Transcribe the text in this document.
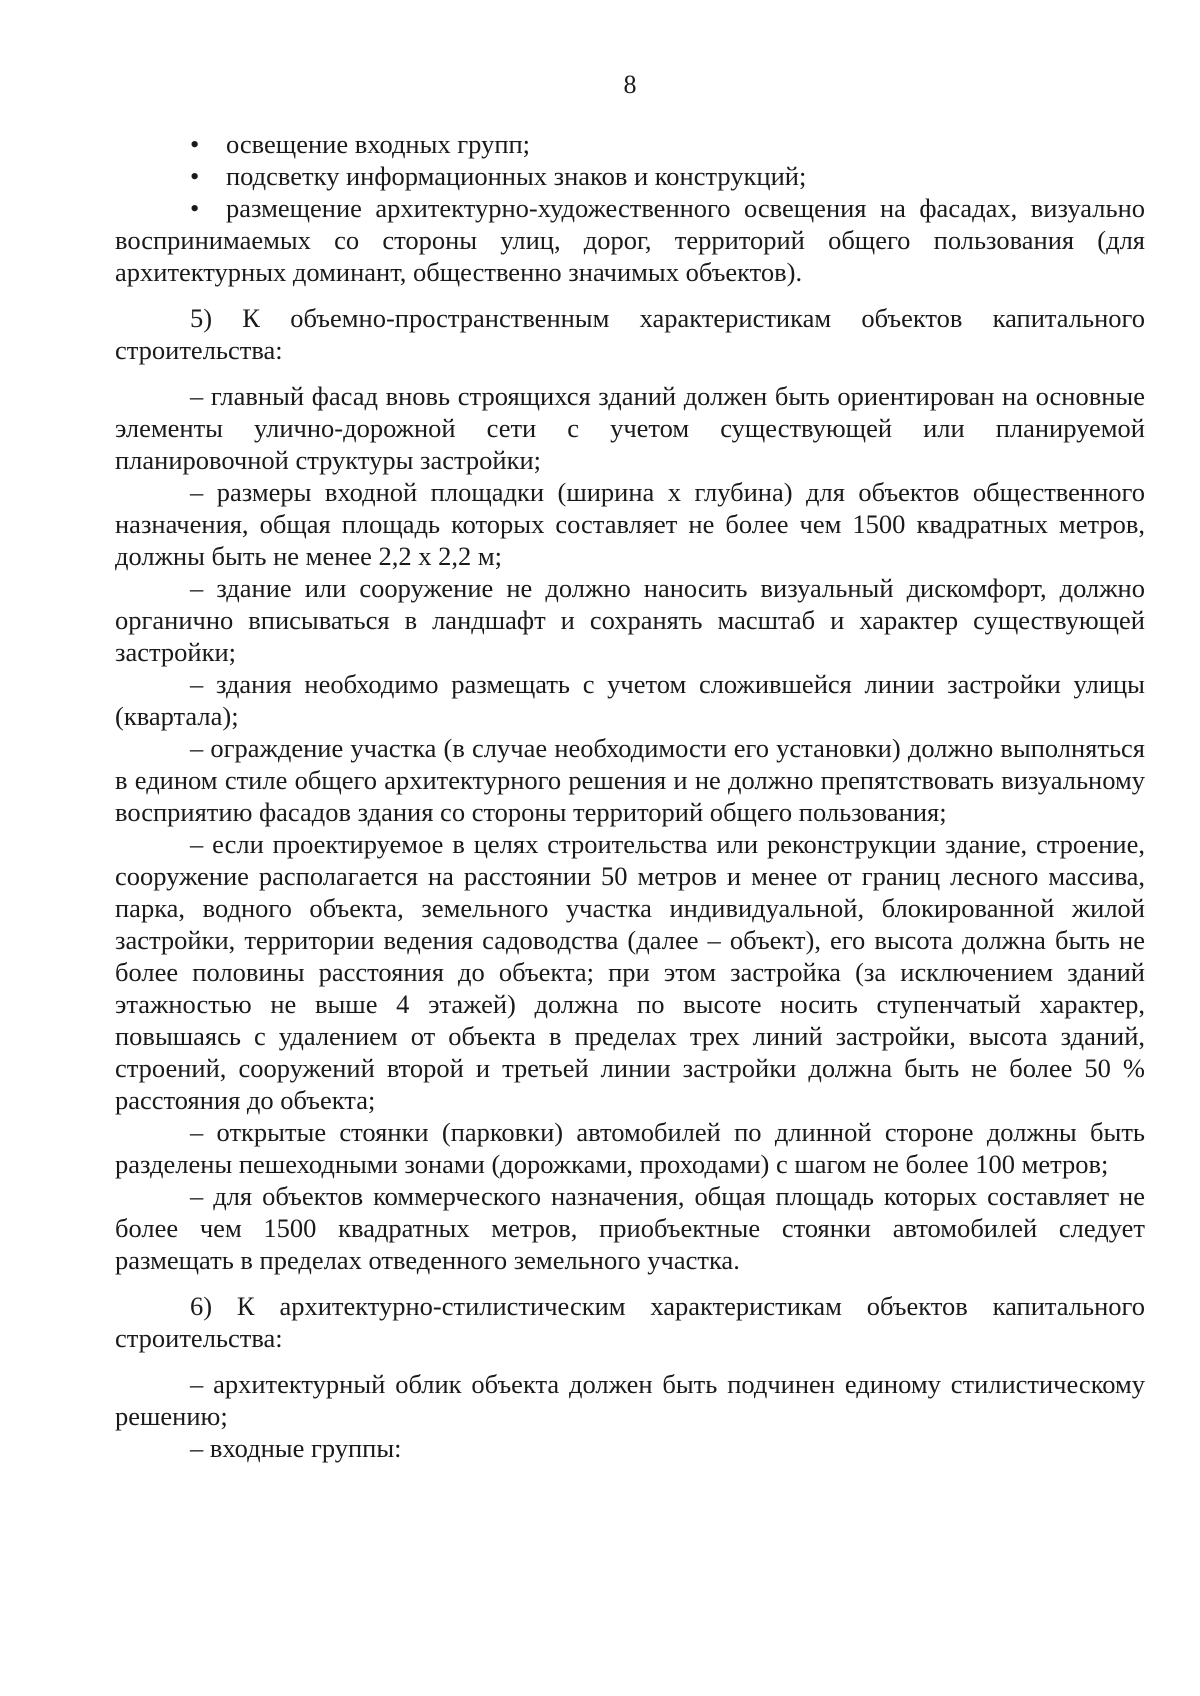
8

• освещение входных групп;

• подсветку информационных знаков и конструкций;

• размещение архитектурно-художественного освещения на фасадах, визуально воспринимаемых со стороны улиц, дорог, территорий общего пользования (для архитектурных доминант, общественно значимых объектов).

5) К объемно-пространственным характеристикам объектов капитального строительства:

– главный фасад вновь строящихся зданий должен быть ориентирован на основные элементы улично-дорожной сети с учетом существующей или планируемой планировочной структуры застройки;

– размеры входной площадки (ширина х глубина) для объектов общественного назначения, общая площадь которых составляет не более чем 1500 квадратных метров, должны быть не менее 2,2 х 2,2 м;

– здание или сооружение не должно наносить визуальный дискомфорт, должно органично вписываться в ландшафт и сохранять масштаб и характер существующей застройки;

– здания необходимо размещать с учетом сложившейся линии застройки улицы (квартала);

– ограждение участка (в случае необходимости его установки) должно выполняться в едином стиле общего архитектурного решения и не должно препятствовать визуальному восприятию фасадов здания со стороны территорий общего пользования;

– если проектируемое в целях строительства или реконструкции здание, строение, сооружение располагается на расстоянии 50 метров и менее от границ лесного массива, парка, водного объекта, земельного участка индивидуальной, блокированной жилой застройки, территории ведения садоводства (далее – объект), его высота должна быть не более половины расстояния до объекта; при этом застройка (за исключением зданий этажностью не выше 4 этажей) должна по высоте носить ступенчатый характер, повышаясь с удалением от объекта в пределах трех линий застройки, высота зданий, строений, сооружений второй и третьей линии застройки должна быть не более 50 % расстояния до объекта;

– открытые стоянки (парковки) автомобилей по длинной стороне должны быть разделены пешеходными зонами (дорожками, проходами) с шагом не более 100 метров;

– для объектов коммерческого назначения, общая площадь которых составляет не более чем 1500 квадратных метров, приобъектные стоянки автомобилей следует размещать в пределах отведенного земельного участка.

6) К архитектурно-стилистическим характеристикам объектов капитального строительства:

– архитектурный облик объекта должен быть подчинен единому стилистическому решению;

– входные группы:
